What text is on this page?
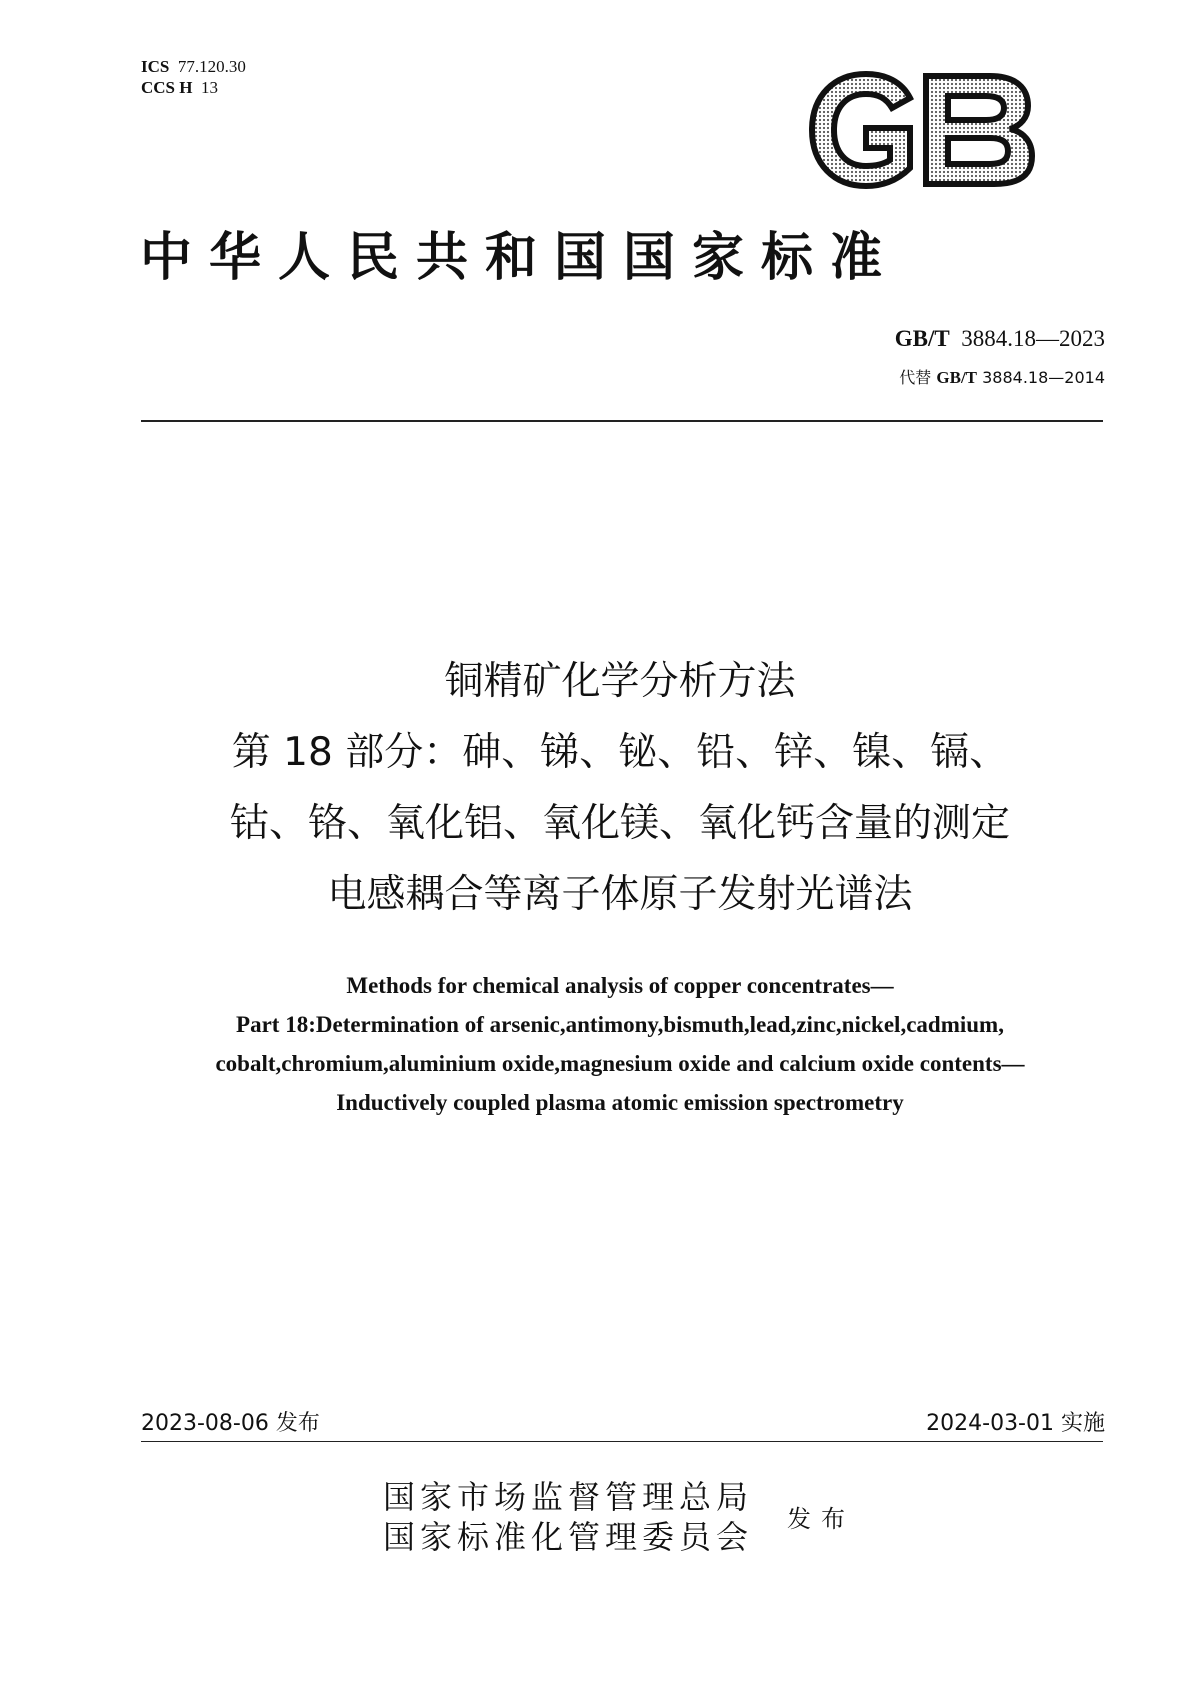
ICS 77.120.30
CCS H 13
中华人民共和国国家标准
GB/T 3884.18—2023
代替 GB/T 3884.18—2014
铜精矿化学分析方法
第 18 部分：砷、锑、铋、铅、锌、镍、镉、
钴、铬、氧化铝、氧化镁、氧化钙含量的测定
电感耦合等离子体原子发射光谱法
Methods for chemical analysis of copper concentrates—
Part 18:Determination of arsenic,antimony,bismuth,lead,zinc,nickel,cadmium,
cobalt,chromium,aluminium oxide,magnesium oxide and calcium oxide contents—
Inductively coupled plasma atomic emission spectrometry
2023-08-06 发布	2024-03-01 实施
国家市场监督管理总局
国家标准化管理委员会 发布
